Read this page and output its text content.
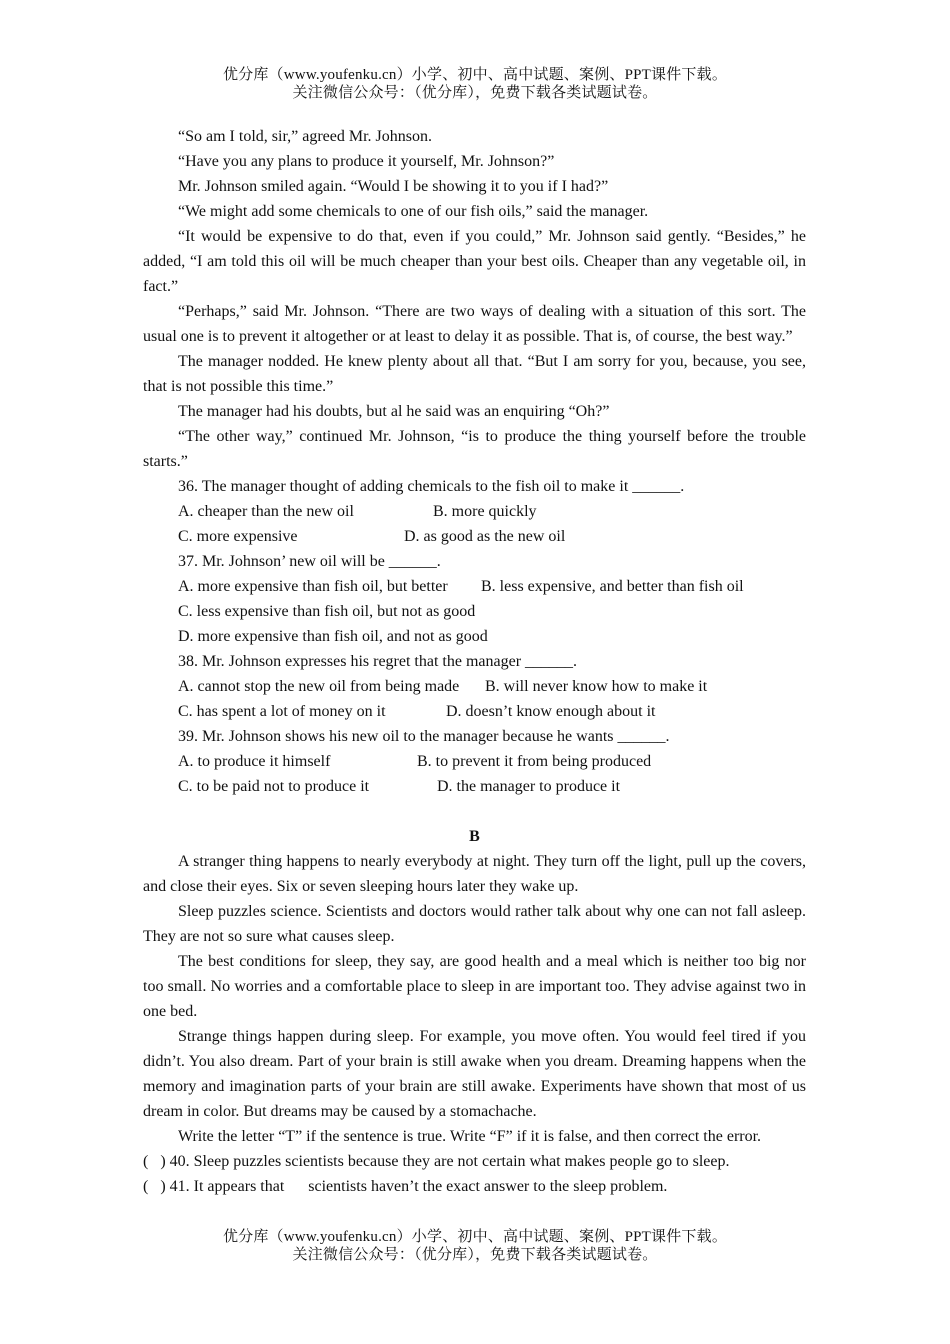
优分库（www.youfenku.cn）小学、初中、高中试题、案例、PPT课件下载。
关注微信公众号：（优分库），免费下载各类试题试卷。

“So am I told, sir,” agreed Mr. Johnson.

“Have you any plans to produce it yourself, Mr. Johnson?”

Mr. Johnson smiled again. “Would I be showing it to you if I had?”

“We might add some chemicals to one of our fish oils,” said the manager.

“It would be expensive to do that, even if you could,” Mr. Johnson said gently. “Besides,” he added, “I am told this oil will be much cheaper than your best oils. Cheaper than any vegetable oil, in fact.”

“Perhaps,” said Mr. Johnson. “There are two ways of dealing with a situation of this sort. The usual one is to prevent it altogether or at least to delay it as possible. That is, of course, the best way.”

The manager nodded. He knew plenty about all that. “But I am sorry for you, because, you see, that is not possible this time.”

The manager had his doubts, but al he said was an enquiring “Oh?”

“The other way,” continued Mr. Johnson, “is to produce the thing yourself before the trouble starts.”

36. The manager thought of adding chemicals to the fish oil to make it ______.

A. cheaper than the new oil	B. more quickly
C. more expensive	D. as good as the new oil

37. Mr. Johnson’ new oil will be ______.

A. more expensive than fish oil, but better B. less expensive, and better than fish oil
C. less expensive than fish oil, but not as good
D. more expensive than fish oil, and not as good

38. Mr. Johnson expresses his regret that the manager ______.

A. cannot stop the new oil from being made B. will never know how to make it
C. has spent a lot of money on it	D. doesn’t know enough about it

39. Mr. Johnson shows his new oil to the manager because he wants ______.

A. to produce it himself	B. to prevent it from being produced
C. to be paid not to produce it	D. the manager to produce it

B

A stranger thing happens to nearly everybody at night. They turn off the light, pull up the covers, and close their eyes. Six or seven sleeping hours later they wake up.

Sleep puzzles science. Scientists and doctors would rather talk about why one can not fall asleep. They are not so sure what causes sleep.

The best conditions for sleep, they say, are good health and a meal which is neither too big nor too small. No worries and a comfortable place to sleep in are important too. They advise against two in one bed.

Strange things happen during sleep. For example, you move often. You would feel tired if you didn’t. You also dream. Part of your brain is still awake when you dream. Dreaming happens when the memory and imagination parts of your brain are still awake. Experiments have shown that most of us dream in color. But dreams may be caused by a stomachache.

Write the letter “T” if the sentence is true. Write “F” if it is false, and then correct the error.

(   ) 40. Sleep puzzles scientists because they are not certain what makes people go to sleep.

(   ) 41. It appears that      scientists haven’t the exact answer to the sleep problem.

优分库（www.youfenku.cn）小学、初中、高中试题、案例、PPT课件下载。
关注微信公众号：（优分库），免费下载各类试题试卷。
